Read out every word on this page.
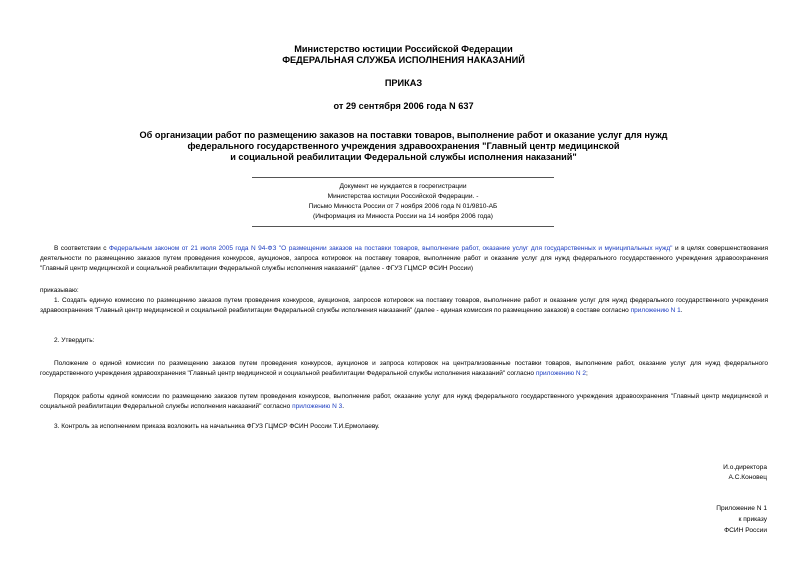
Министерство юстиции Российской Федерации
ФЕДЕРАЛЬНАЯ СЛУЖБА ИСПОЛНЕНИЯ НАКАЗАНИЙ
ПРИКАЗ
от 29 сентября 2006 года N 637
Об организации работ по размещению заказов на поставки товаров, выполнение работ и оказание услуг для нужд
федерального государственного учреждения здравоохранения "Главный центр медицинской
и социальной реабилитации Федеральной службы исполнения наказаний"
Документ не нуждается в госрегистрации
Министерства юстиции Российской Федерации. -
Письмо Минюста России от 7 ноября 2006 года N 01/9810-АБ
(Информация из Минюста России на 14 ноября 2006 года)
В соответствии с Федеральным законом от 21 июля 2005 года N 94-ФЗ "О размещении заказов на поставки товаров, выполнение работ, оказание услуг для государственных и муниципальных нужд" и в целях совершенствования деятельности по размещению заказов путем проведения конкурсов, аукционов, запроса котировок на поставку товаров, выполнение работ и оказание услуг для нужд федерального государственного учреждения здравоохранения "Главный центр медицинской и социальной реабилитации Федеральной службы исполнения наказаний" (далее - ФГУЗ ГЦМСР ФСИН России)
приказываю:
1. Создать единую комиссию по размещению заказов путем проведения конкурсов, аукционов, запросов котировок на поставку товаров, выполнение работ и оказание услуг для нужд федерального государственного учреждения здравоохранения "Главный центр медицинской и социальной реабилитации Федеральной службы исполнения наказаний" (далее - единая комиссия по размещению заказов) в составе согласно приложению N 1.
2. Утвердить:
Положение о единой комиссии по размещению заказов путем проведения конкурсов, аукционов и запроса котировок на централизованные поставки товаров, выполнение работ, оказание услуг для нужд федерального государственного учреждения здравоохранения "Главный центр медицинской и социальной реабилитации Федеральной службы исполнения наказаний" согласно приложению N 2;
Порядок работы единой комиссии по размещению заказов путем проведения конкурсов, выполнение работ, оказание услуг для нужд федерального государственного учреждения здравоохранения "Главный центр медицинской и социальной реабилитации Федеральной службы исполнения наказаний" согласно приложению N 3.
3. Контроль за исполнением приказа возложить на начальника ФГУЗ ГЦМСР ФСИН России Т.И.Ермолаеву.
И.о.директора
А.С.Коновец
Приложение N 1
к приказу
ФСИН России
